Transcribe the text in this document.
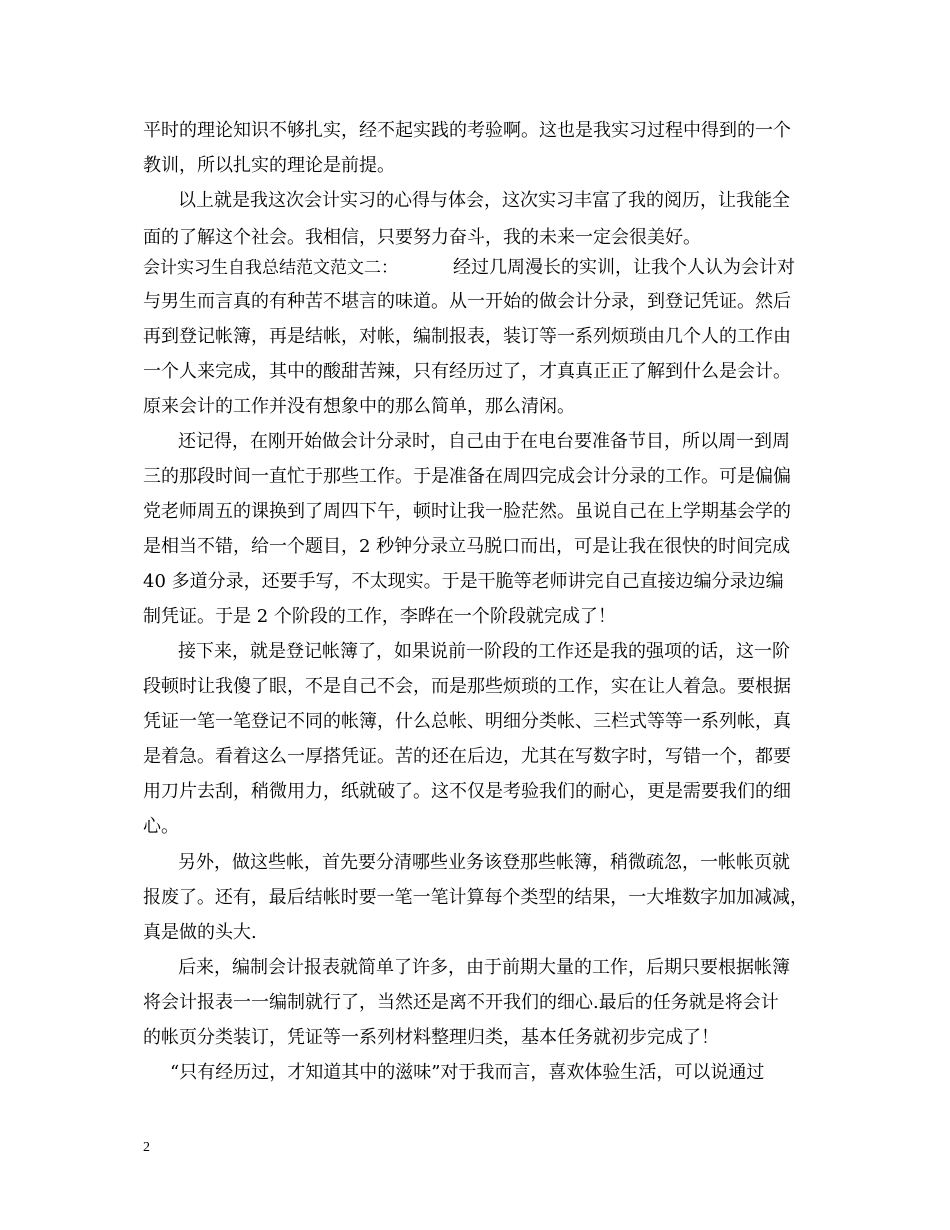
平时的理论知识不够扎实，经不起实践的考验啊。这也是我实习过程中得到的一个
教训，所以扎实的理论是前提。
以上就是我这次会计实习的心得与体会，这次实习丰富了我的阅历，让我能全
面的了解这个社会。我相信，只要努力奋斗，我的未来一定会很美好。
会计实习生自我总结范文范文二：	经过几周漫长的实训，让我个人认为会计对
与男生而言真的有种苦不堪言的味道。从一开始的做会计分录，到登记凭证。然后
再到登记帐簿，再是结帐，对帐，编制报表，装订等一系列烦琐由几个人的工作由
一个人来完成，其中的酸甜苦辣，只有经历过了，才真真正正了解到什么是会计。
原来会计的工作并没有想象中的那么简单，那么清闲。
还记得，在刚开始做会计分录时，自己由于在电台要准备节目，所以周一到周
三的那段时间一直忙于那些工作。于是准备在周四完成会计分录的工作。可是偏偏
党老师周五的课换到了周四下午，顿时让我一脸茫然。虽说自己在上学期基会学的
是相当不错，给一个题目，2 秒钟分录立马脱口而出，可是让我在很快的时间完成
40 多道分录，还要手写，不太现实。于是干脆等老师讲完自己直接边编分录边编
制凭证。于是 2 个阶段的工作，李晔在一个阶段就完成了！
接下来，就是登记帐簿了，如果说前一阶段的工作还是我的强项的话，这一阶
段顿时让我傻了眼，不是自己不会，而是那些烦琐的工作，实在让人着急。要根据
凭证一笔一笔登记不同的帐簿，什么总帐、明细分类帐、三栏式等等一系列帐，真
是着急。看着这么一厚搭凭证。苦的还在后边，尤其在写数字时，写错一个，都要
用刀片去刮，稍微用力，纸就破了。这不仅是考验我们的耐心，更是需要我们的细
心。
另外，做这些帐，首先要分清哪些业务该登那些帐簿，稍微疏忽，一帐帐页就
报废了。还有，最后结帐时要一笔一笔计算每个类型的结果，一大堆数字加加减减，
真是做的头大.
后来，编制会计报表就简单了许多，由于前期大量的工作，后期只要根据帐簿
将会计报表一一编制就行了，当然还是离不开我们的细心.最后的任务就是将会计
的帐页分类装订，凭证等一系列材料整理归类，基本任务就初步完成了！
“只有经历过，才知道其中的滋味”对于我而言，喜欢体验生活，可以说通过
2
